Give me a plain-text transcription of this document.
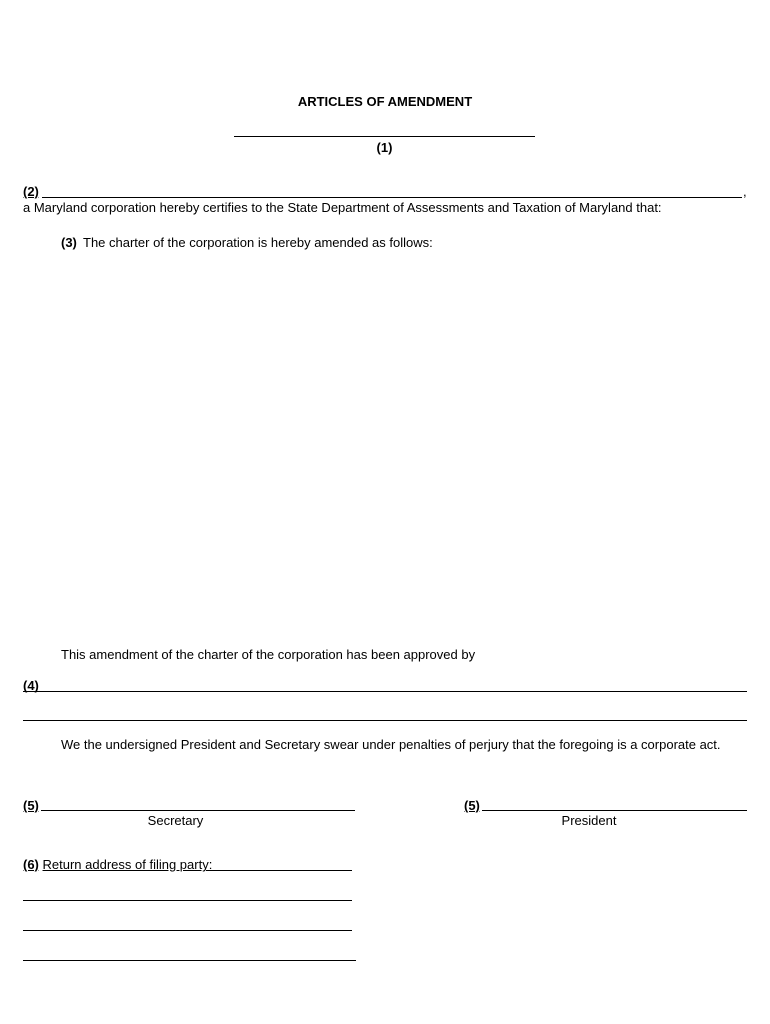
ARTICLES OF AMENDMENT
(1)
(2)	,
a Maryland corporation hereby certifies to the State Department of Assessments and Taxation of Maryland that:
(3) The charter of the corporation is hereby amended as follows:
This amendment of the charter of the corporation has been approved by
(4)
We the undersigned President and Secretary swear under penalties of perjury that the foregoing is a corporate act.
(5)
Secretary
(5)
President
(6) Return address of filing party:
